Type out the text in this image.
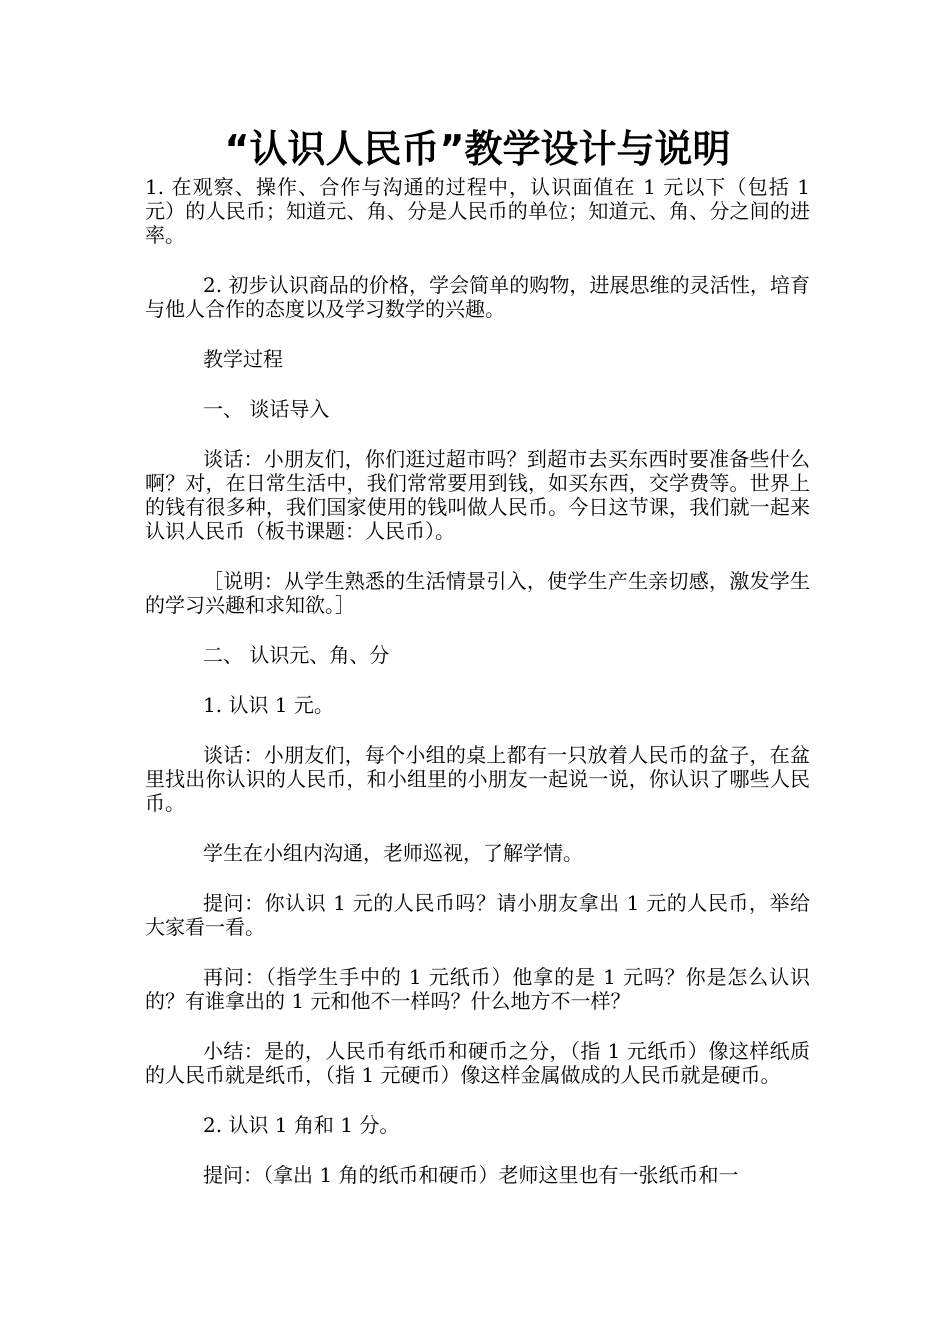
“认识人民币”教学设计与说明

1. 在观察、操作、合作与沟通的过程中，认识面值在 1 元以下（包括 1 元）的人民币；知道元、角、分是人民币的单位；知道元、角、分之间的进率。

2. 初步认识商品的价格，学会简单的购物，进展思维的灵活性，培育与他人合作的态度以及学习数学的兴趣。

教学过程

一、 谈话导入

谈话：小朋友们，你们逛过超市吗？到超市去买东西时要准备些什么啊？对，在日常生活中，我们常常要用到钱，如买东西，交学费等。世界上的钱有很多种，我们国家使用的钱叫做人民币。今日这节课，我们就一起来认识人民币（板书课题：人民币）。

［说明：从学生熟悉的生活情景引入，使学生产生亲切感，激发学生的学习兴趣和求知欲。］

二、 认识元、角、分

1. 认识 1 元。

谈话：小朋友们，每个小组的桌上都有一只放着人民币的盆子，在盆里找出你认识的人民币，和小组里的小朋友一起说一说，你认识了哪些人民币。

学生在小组内沟通，老师巡视，了解学情。

提问：你认识 1 元的人民币吗？请小朋友拿出 1 元的人民币，举给大家看一看。

再问：（指学生手中的 1 元纸币）他拿的是 1 元吗？你是怎么认识的？有谁拿出的 1 元和他不一样吗？什么地方不一样？

小结：是的，人民币有纸币和硬币之分，（指 1 元纸币）像这样纸质的人民币就是纸币，（指 1 元硬币）像这样金属做成的人民币就是硬币。

2. 认识 1 角和 1 分。

提问：（拿出 1 角的纸币和硬币）老师这里也有一张纸币和一
